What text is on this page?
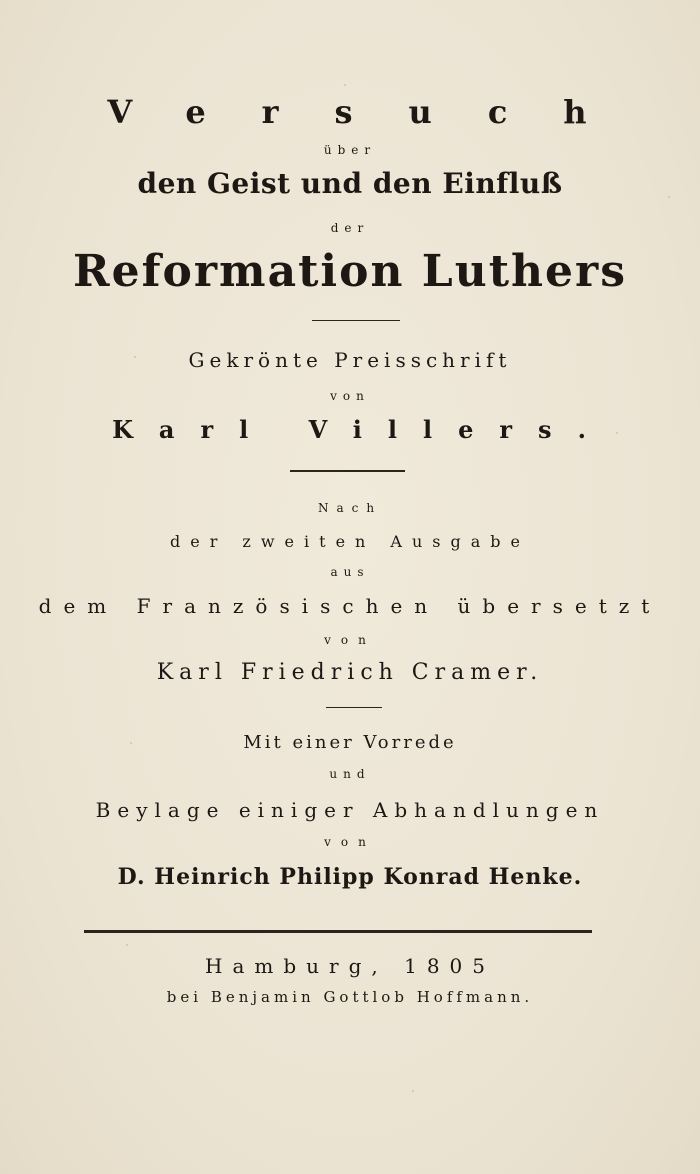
Versuch
über
den Geist und den Einfluß
der
Reformation Luthers
Gekrönte Preisschrift
von
Karl Villers.
Nach
der zweiten Ausgabe
aus
dem Französischen übersetzt
von
Karl Friedrich Cramer.
Mit einer Vorrede
und
Beylage einiger Abhandlungen
von
D. Heinrich Philipp Konrad Henke.
Hamburg, 1805
bei Benjamin Gottlob Hoffmann.
